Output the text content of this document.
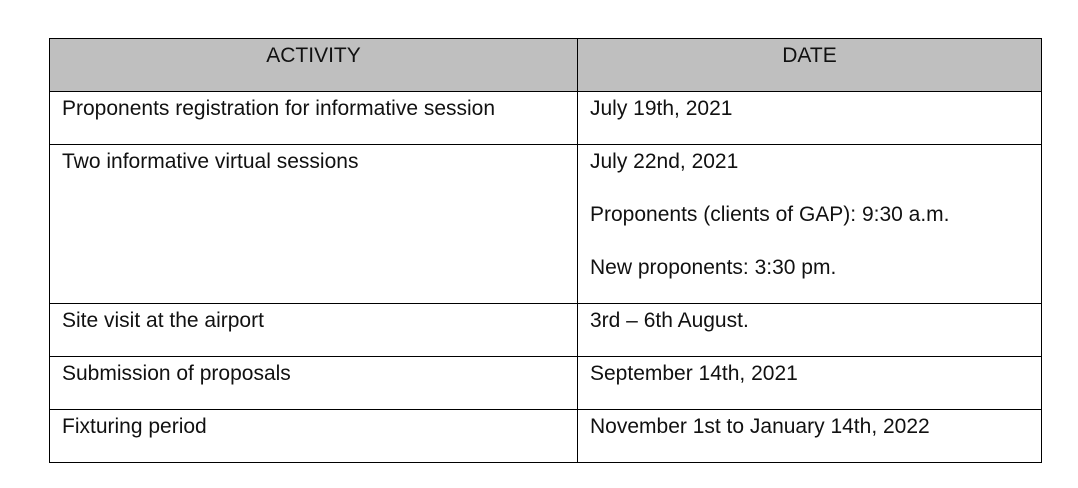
ACTIVITY	DATE
Proponents registration for informative session	July 19th, 2021

Two informative virtual sessions	July 22nd, 2021
Proponents (clients of GAP): 9:30 a.m.
New proponents: 3:30 pm.

Site visit at the airport	3rd – 6th August.

Submission of proposals	September 14th, 2021

Fixturing period	November 1st to January 14th, 2022
